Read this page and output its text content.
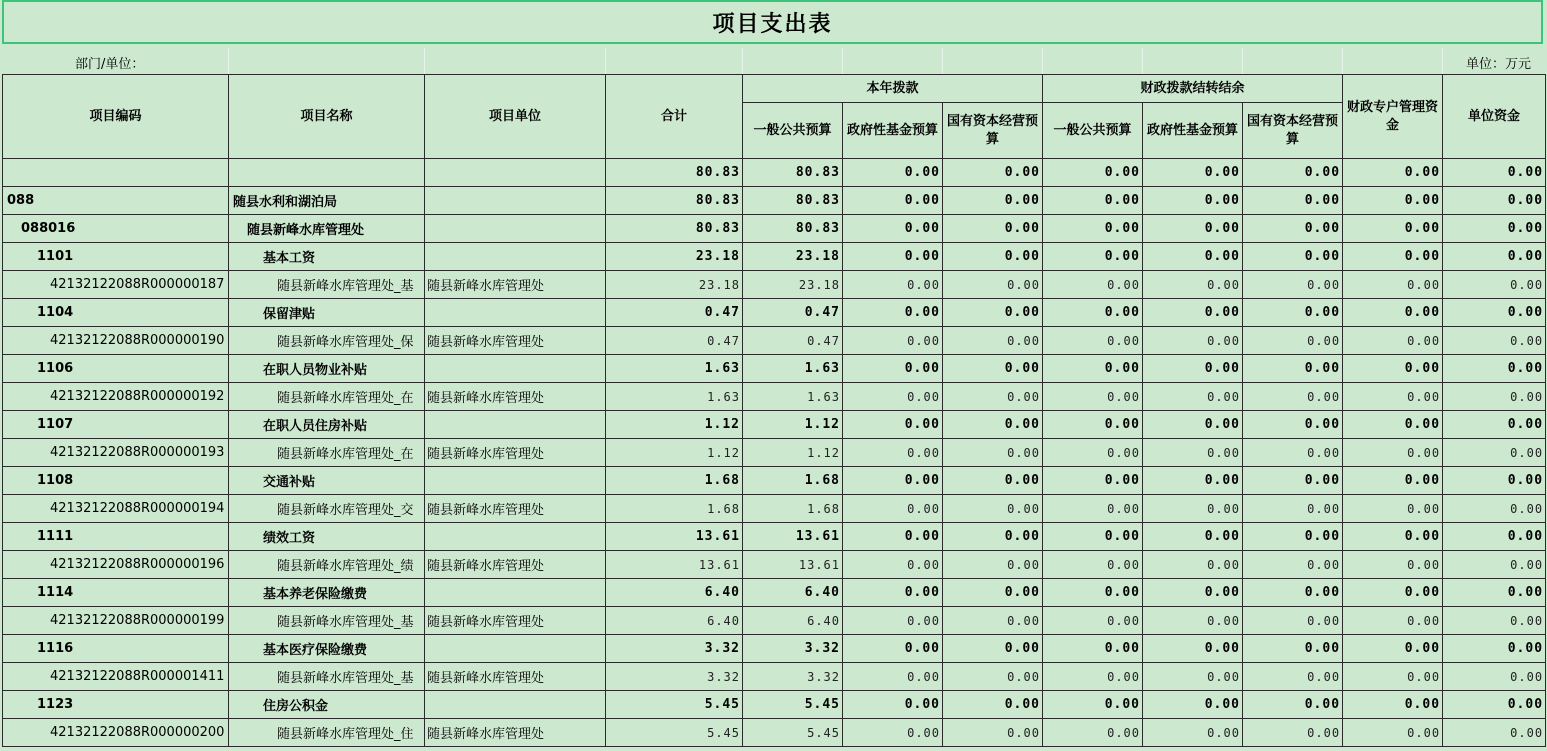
项目支出表
部门/单位：	单位：万元
项目编码	项目名称	项目单位	合计	本年拨款			财政拨款结转结余			财政专户管理资金	单位资金
				一般公共预算	政府性基金预算	国有资本经营预算	一般公共预算	政府性基金预算	国有资本经营预算		
			80.83	80.83	0.00	0.00	0.00	0.00	0.00	0.00	0.00
088	随县水利和湖泊局		80.83	80.83	0.00	0.00	0.00	0.00	0.00	0.00	0.00
088016	随县新峰水库管理处		80.83	80.83	0.00	0.00	0.00	0.00	0.00	0.00	0.00
1101	基本工资		23.18	23.18	0.00	0.00	0.00	0.00	0.00	0.00	0.00
42132122088R000000187	随县新峰水库管理处_基	随县新峰水库管理处	23.18	23.18	0.00	0.00	0.00	0.00	0.00	0.00	0.00
1104	保留津贴		0.47	0.47	0.00	0.00	0.00	0.00	0.00	0.00	0.00
42132122088R000000190	随县新峰水库管理处_保	随县新峰水库管理处	0.47	0.47	0.00	0.00	0.00	0.00	0.00	0.00	0.00
1106	在职人员物业补贴		1.63	1.63	0.00	0.00	0.00	0.00	0.00	0.00	0.00
42132122088R000000192	随县新峰水库管理处_在	随县新峰水库管理处	1.63	1.63	0.00	0.00	0.00	0.00	0.00	0.00	0.00
1107	在职人员住房补贴		1.12	1.12	0.00	0.00	0.00	0.00	0.00	0.00	0.00
42132122088R000000193	随县新峰水库管理处_在	随县新峰水库管理处	1.12	1.12	0.00	0.00	0.00	0.00	0.00	0.00	0.00
1108	交通补贴		1.68	1.68	0.00	0.00	0.00	0.00	0.00	0.00	0.00
42132122088R000000194	随县新峰水库管理处_交	随县新峰水库管理处	1.68	1.68	0.00	0.00	0.00	0.00	0.00	0.00	0.00
1111	绩效工资		13.61	13.61	0.00	0.00	0.00	0.00	0.00	0.00	0.00
42132122088R000000196	随县新峰水库管理处_绩	随县新峰水库管理处	13.61	13.61	0.00	0.00	0.00	0.00	0.00	0.00	0.00
1114	基本养老保险缴费		6.40	6.40	0.00	0.00	0.00	0.00	0.00	0.00	0.00
42132122088R000000199	随县新峰水库管理处_基	随县新峰水库管理处	6.40	6.40	0.00	0.00	0.00	0.00	0.00	0.00	0.00
1116	基本医疗保险缴费		3.32	3.32	0.00	0.00	0.00	0.00	0.00	0.00	0.00
42132122088R000001411	随县新峰水库管理处_基	随县新峰水库管理处	3.32	3.32	0.00	0.00	0.00	0.00	0.00	0.00	0.00
1123	住房公积金		5.45	5.45	0.00	0.00	0.00	0.00	0.00	0.00	0.00
42132122088R000000200	随县新峰水库管理处_住	随县新峰水库管理处	5.45	5.45	0.00	0.00	0.00	0.00	0.00	0.00	0.00
